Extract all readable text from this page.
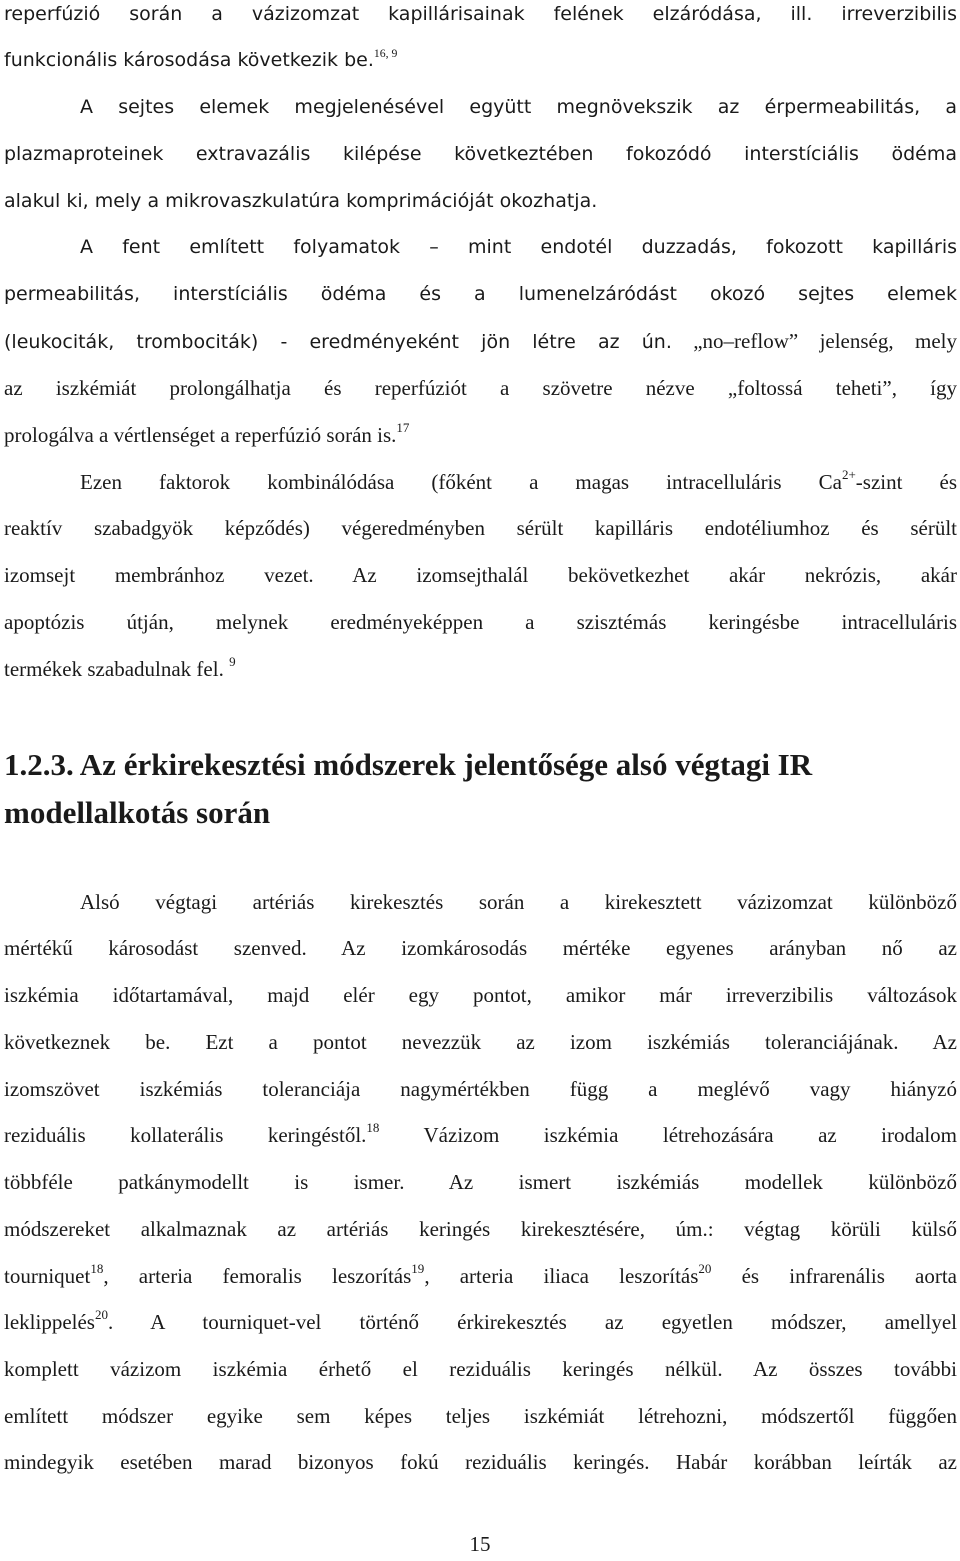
reperfúzió során a vázizomzat kapillárisainak felének elzáródása, ill. irreverzibilis
funkcionális károsodása következik be.$^{16, 9}$
A sejtes elemek megjelenésével együtt megnövekszik az érpermeabilitás, a
plazmaproteinek extravazális kilépése következtében fokozódó interstíciális ödéma
alakul ki, mely a mikrovaszkulatúra komprimációját okozhatja.
A fent említett folyamatok – mint endotél duzzadás, fokozott kapilláris
permeabilitás, interstíciális ödéma és a lumenelzáródást okozó sejtes elemek
(leukociták, trombociták) - eredményeként jön létre az ún. „no–reflow” jelenség, mely
az iszkémiát prolongálhatja és reperfúziót a szövetre nézve „foltossá teheti”, így
prologálva a vértlenséget a reperfúzió során is.$^{17}$
Ezen faktorok kombinálódása (főként a magas intracelluláris $Ca^{2+}$-szint és
reaktív szabadgyök képződés) végeredményben sérült kapilláris endotéliumhoz és sérült
izomsejt membránhoz vezet. Az izomsejthalál bekövetkezhet akár nekrózis, akár
apoptózis útján, melynek eredményeképpen a szisztémás keringésbe intracelluláris
termékek szabadulnak fel. $^9$
1.2.3. Az érkirekesztési módszerek jelentősége alsó végtagi IR
modellalkotás során
Alsó végtagi artériás kirekesztés során a kirekesztett vázizomzat különböző
mértékű károsodást szenved. Az izomkárosodás mértéke egyenes arányban nő az
iszkémia időtartamával, majd elér egy pontot, amikor már irreverzibilis változások
következnek be. Ezt a pontot nevezzük az izom iszkémiás toleranciájának. Az
izomszövet iszkémiás toleranciája nagymértékben függ a meglévő vagy hiányzó
reziduális kollaterális keringéstől.$^{18}$ Vázizom iszkémia létrehozására az irodalom
többféle patkánymodellt is ismer. Az ismert iszkémiás modellek különböző
módszereket alkalmaznak az artériás keringés kirekesztésére, úm.: végtag körüli külső
tourniquet$^{18}$, arteria femoralis leszorítás$^{19}$, arteria iliaca leszorítás$^{20}$ és infrarenális aorta
leklippelés$^{20}$. A tourniquet-vel történő érkirekesztés az egyetlen módszer, amellyel
komplett vázizom iszkémia érhető el reziduális keringés nélkül. Az összes további
említett módszer egyike sem képes teljes iszkémiát létrehozni, módszertől függően
mindegyik esetében marad bizonyos fokú reziduális keringés. Habár korábban leírták az
15
